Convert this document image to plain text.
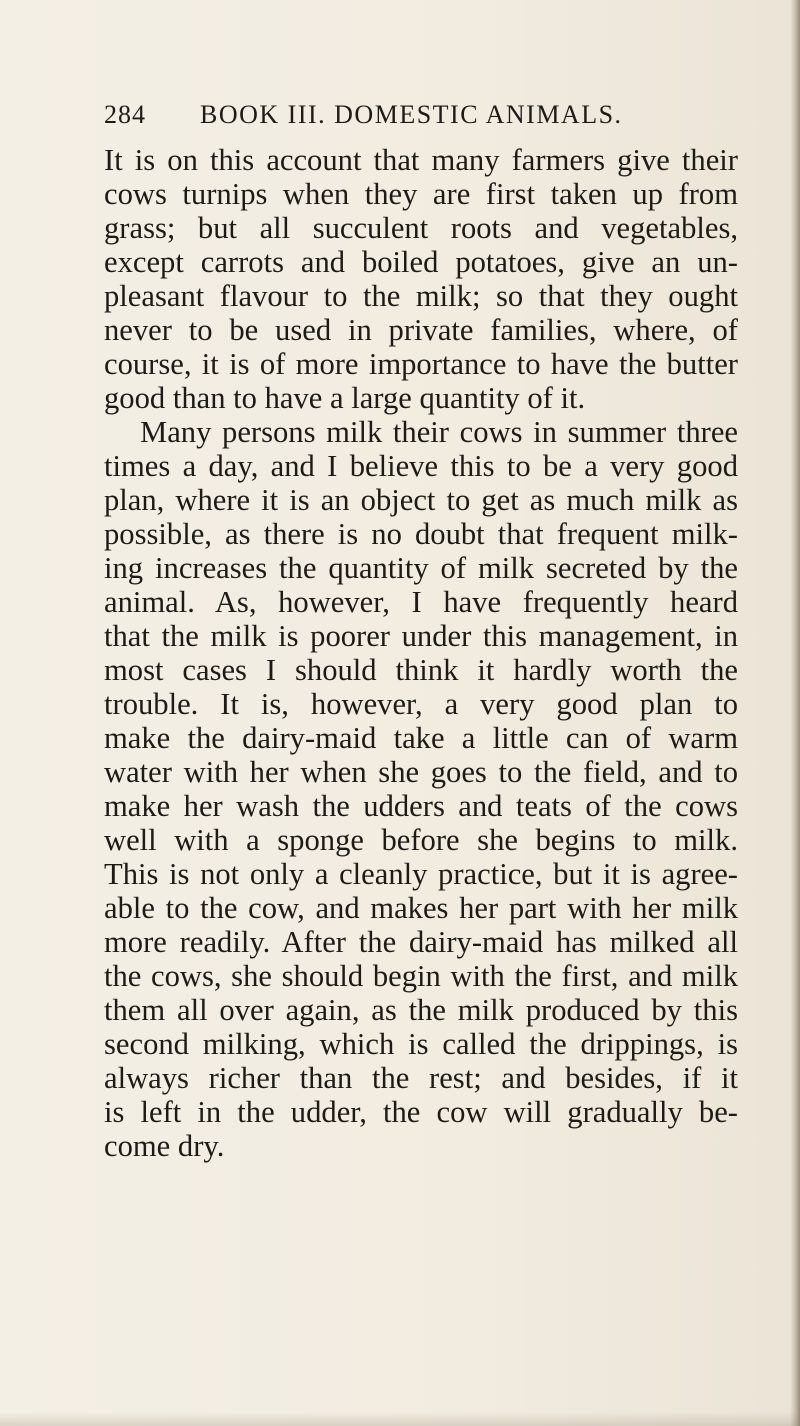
284 BOOK III. DOMESTIC ANIMALS.
It is on this account that many farmers give their
cows turnips when they are first taken up from
grass; but all succulent roots and vegetables,
except carrots and boiled potatoes, give an un-
pleasant flavour to the milk; so that they ought
never to be used in private families, where, of
course, it is of more importance to have the butter
good than to have a large quantity of it.
Many persons milk their cows in summer three
times a day, and I believe this to be a very good
plan, where it is an object to get as much milk as
possible, as there is no doubt that frequent milk-
ing increases the quantity of milk secreted by the
animal. As, however, I have frequently heard
that the milk is poorer under this management, in
most cases I should think it hardly worth the
trouble. It is, however, a very good plan to
make the dairy-maid take a little can of warm
water with her when she goes to the field, and to
make her wash the udders and teats of the cows
well with a sponge before she begins to milk.
This is not only a cleanly practice, but it is agree-
able to the cow, and makes her part with her milk
more readily. After the dairy-maid has milked all
the cows, she should begin with the first, and milk
them all over again, as the milk produced by this
second milking, which is called the drippings, is
always richer than the rest; and besides, if it
is left in the udder, the cow will gradually be-
come dry.
